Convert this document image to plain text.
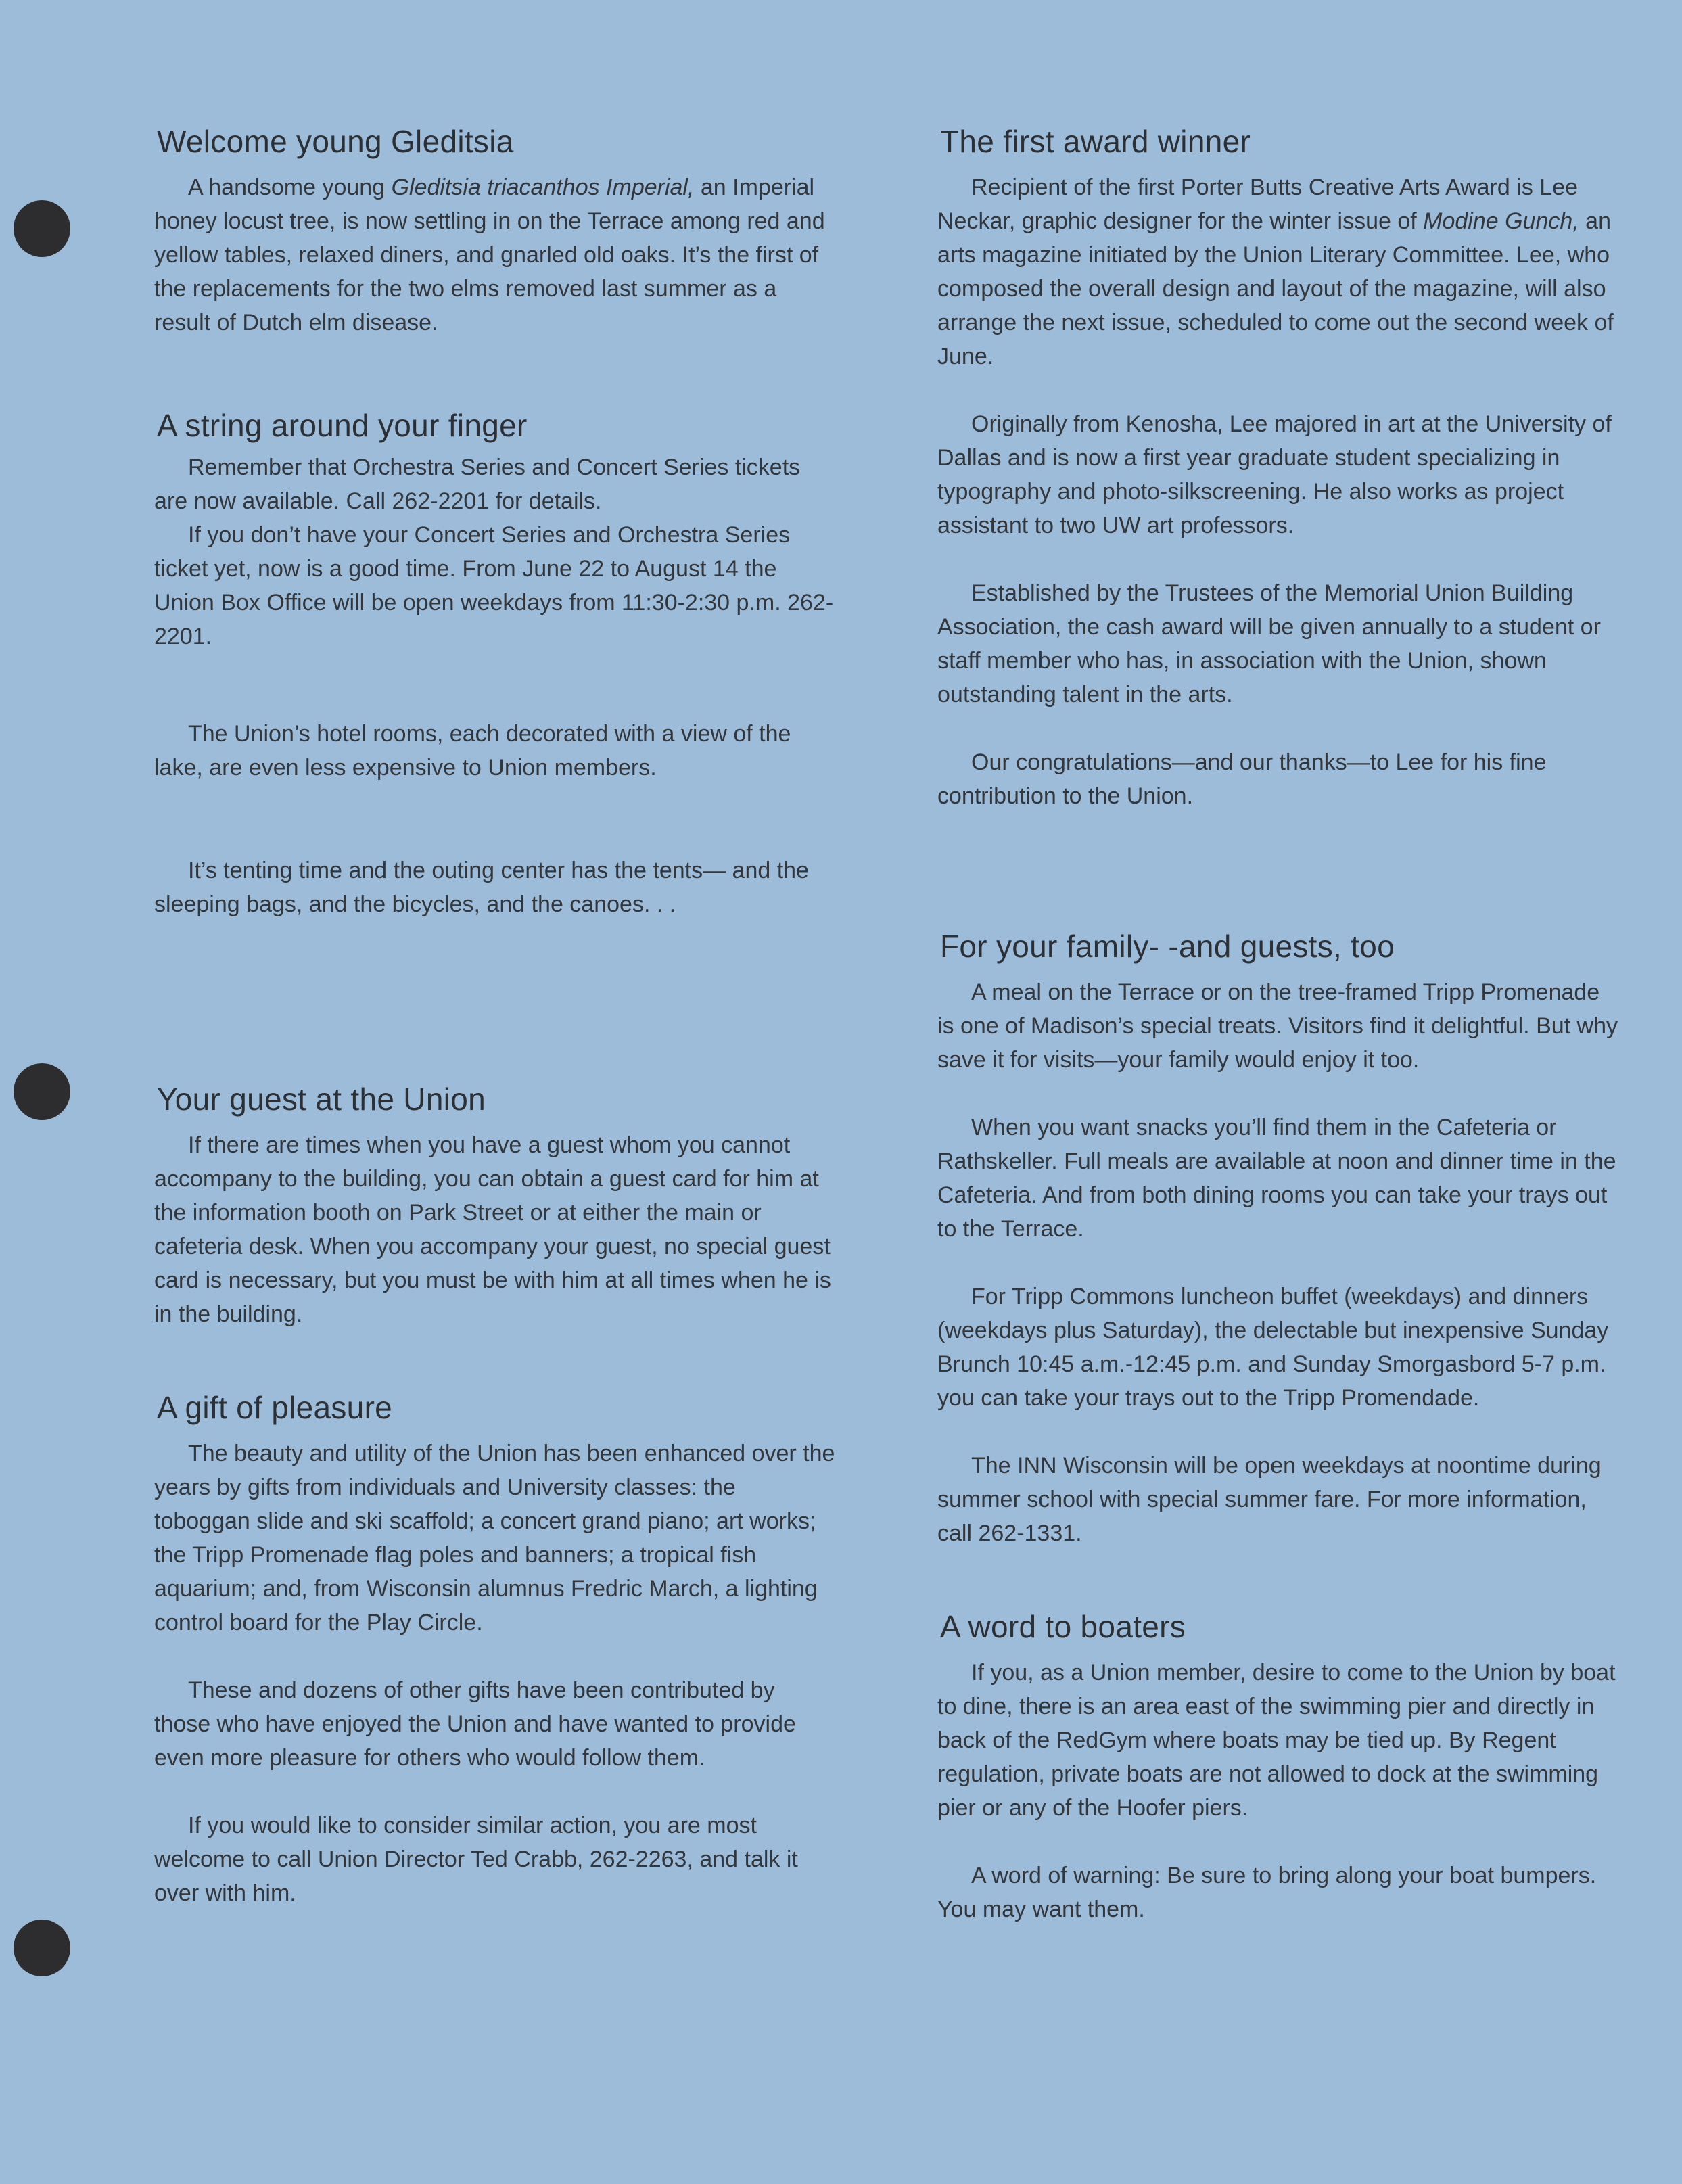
Welcome young Gleditsia

A handsome young Gleditsia triacanthos Imperial, an Imperial honey locust tree, is now settling in on the Terrace among red and yellow tables, relaxed diners, and gnarled old oaks. It’s the first of the replacements for the two elms removed last summer as a result of Dutch elm disease.

A string around your finger

Remember that Orchestra Series and Concert Series tickets are now available. Call 262-2201 for details.

If you don’t have your Concert Series and Orchestra Series ticket yet, now is a good time. From June 22 to August 14 the Union Box Office will be open weekdays from 11:30-2:30 p.m. 262-2201.

The Union’s hotel rooms, each decorated with a view of the lake, are even less expensive to Union members.

It’s tenting time and the outing center has the tents— and the sleeping bags, and the bicycles, and the canoes. . .

Your guest at the Union

If there are times when you have a guest whom you cannot accompany to the building, you can obtain a guest card for him at the information booth on Park Street or at either the main or cafeteria desk. When you accompany your guest, no special guest card is necessary, but you must be with him at all times when he is in the building.

A gift of pleasure

The beauty and utility of the Union has been enhanced over the years by gifts from individuals and University classes: the toboggan slide and ski scaffold; a concert grand piano; art works; the Tripp Promenade flag poles and banners; a tropical fish aquarium; and, from Wisconsin alumnus Fredric March, a lighting control board for the Play Circle.

These and dozens of other gifts have been contributed by those who have enjoyed the Union and have wanted to provide even more pleasure for others who would follow them.

If you would like to consider similar action, you are most welcome to call Union Director Ted Crabb, 262-2263, and talk it over with him.

The first award winner

Recipient of the first Porter Butts Creative Arts Award is Lee Neckar, graphic designer for the winter issue of Modine Gunch, an arts magazine initiated by the Union Literary Committee. Lee, who composed the overall design and layout of the magazine, will also arrange the next issue, scheduled to come out the second week of June.

Originally from Kenosha, Lee majored in art at the University of Dallas and is now a first year graduate student specializing in typography and photo-silkscreening. He also works as project assistant to two UW art professors.

Established by the Trustees of the Memorial Union Building Association, the cash award will be given annually to a student or staff member who has, in association with the Union, shown outstanding talent in the arts.

Our congratulations—and our thanks—to Lee for his fine contribution to the Union.

For your family- -and guests, too

A meal on the Terrace or on the tree-framed Tripp Promenade is one of Madison’s special treats. Visitors find it delightful. But why save it for visits—your family would enjoy it too.

When you want snacks you’ll find them in the Cafeteria or Rathskeller. Full meals are available at noon and dinner time in the Cafeteria. And from both dining rooms you can take your trays out to the Terrace.

For Tripp Commons luncheon buffet (weekdays) and dinners (weekdays plus Saturday), the delectable but inexpensive Sunday Brunch 10:45 a.m.-12:45 p.m. and Sunday Smorgasbord 5-7 p.m. you can take your trays out to the Tripp Promendade.

The INN Wisconsin will be open weekdays at noontime during summer school with special summer fare. For more information, call 262-1331.

A word to boaters

If you, as a Union member, desire to come to the Union by boat to dine, there is an area east of the swimming pier and directly in back of the RedGym where boats may be tied up. By Regent regulation, private boats are not allowed to dock at the swimming pier or any of the Hoofer piers.

A word of warning: Be sure to bring along your boat bumpers. You may want them.
